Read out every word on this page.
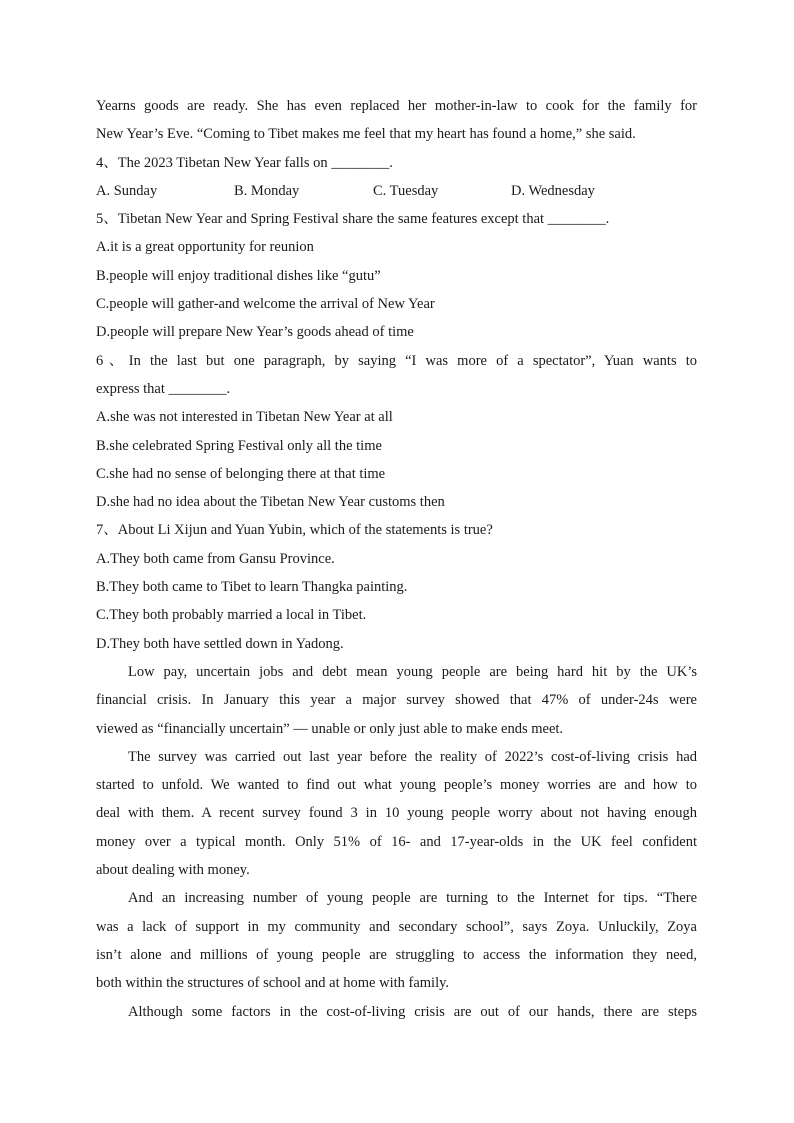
Yearns goods are ready. She has even replaced her mother-in-law to cook for the family for
New Year’s Eve. “Coming to Tibet makes me feel that my heart has found a home,” she said.
4、The 2023 Tibetan New Year falls on ________.
A. Sunday	B. Monday	C. Tuesday	D. Wednesday
5、Tibetan New Year and Spring Festival share the same features except that ________.
A.it is a great opportunity for reunion
B.people will enjoy traditional dishes like “gutu”
C.people will gather-and welcome the arrival of New Year
D.people will prepare New Year’s goods ahead of time
6、In the last but one paragraph, by saying “I was more of a spectator”, Yuan wants to
express that ________.
A.she was not interested in Tibetan New Year at all
B.she celebrated Spring Festival only all the time
C.she had no sense of belonging there at that time
D.she had no idea about the Tibetan New Year customs then
7、About Li Xijun and Yuan Yubin, which of the statements is true?
A.They both came from Gansu Province.
B.They both came to Tibet to learn Thangka painting.
C.They both probably married a local in Tibet.
D.They both have settled down in Yadong.
Low pay, uncertain jobs and debt mean young people are being hard hit by the UK’s
financial crisis. In January this year a major survey showed that 47% of under-24s were
viewed as “financially uncertain” — unable or only just able to make ends meet.
The survey was carried out last year before the reality of 2022’s cost-of-living crisis had
started to unfold. We wanted to find out what young people’s money worries are and how to
deal with them. A recent survey found 3 in 10 young people worry about not having enough
money over a typical month. Only 51% of 16- and 17-year-olds in the UK feel confident
about dealing with money.
And an increasing number of young people are turning to the Internet for tips. “There
was a lack of support in my community and secondary school”, says Zoya. Unluckily, Zoya
isn’t alone and millions of young people are struggling to access the information they need,
both within the structures of school and at home with family.
Although some factors in the cost-of-living crisis are out of our hands, there are steps
